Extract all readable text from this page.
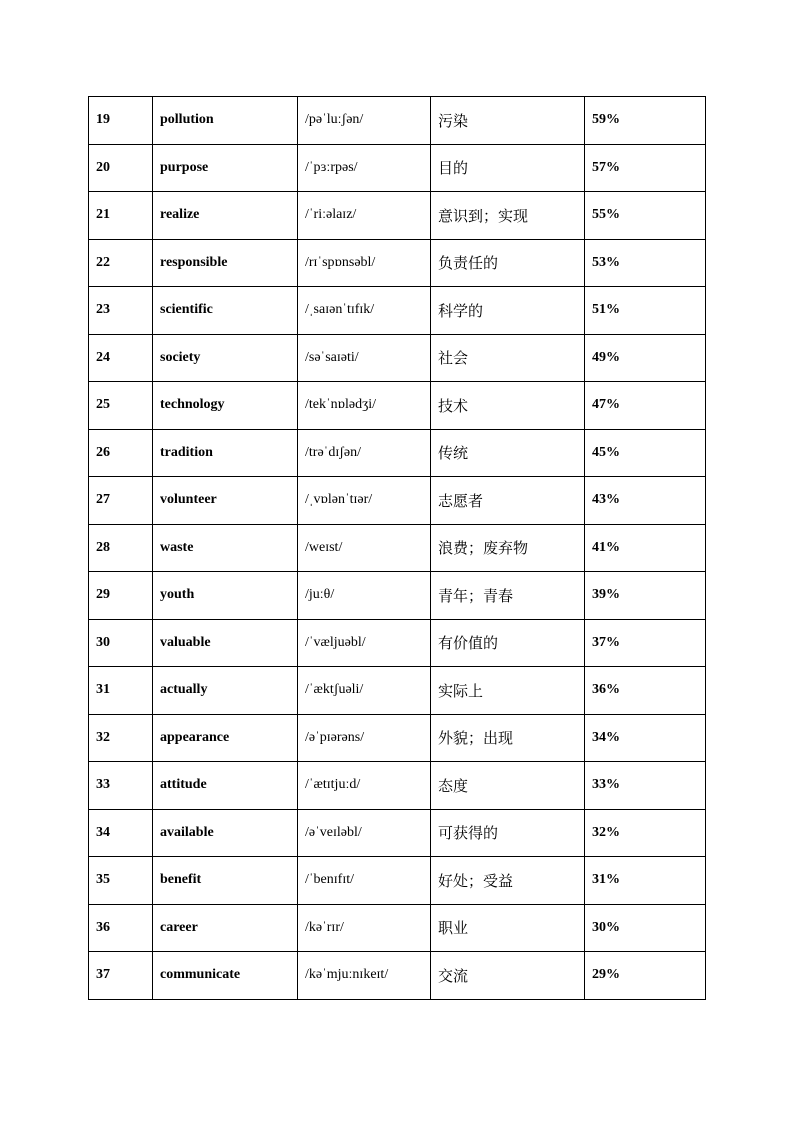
19	pollution	/pəˈluːʃən/	污染	59%
20	purpose	/ˈpɜːrpəs/	目的	57%
21	realize	/ˈriːəlaɪz/	意识到；实现	55%
22	responsible	/rɪˈspɒnsəbl/	负责任的	53%
23	scientific	/ˌsaɪənˈtɪfɪk/	科学的	51%
24	society	/səˈsaɪəti/	社会	49%
25	technology	/tekˈnɒlədʒi/	技术	47%
26	tradition	/trəˈdɪʃən/	传统	45%
27	volunteer	/ˌvɒlənˈtɪər/	志愿者	43%
28	waste	/weɪst/	浪费；废弃物	41%
29	youth	/juːθ/	青年；青春	39%
30	valuable	/ˈvæljuəbl/	有价值的	37%
31	actually	/ˈæktʃuəli/	实际上	36%
32	appearance	/əˈpɪərəns/	外貌；出现	34%
33	attitude	/ˈætɪtjuːd/	态度	33%
34	available	/əˈveɪləbl/	可获得的	32%
35	benefit	/ˈbenɪfɪt/	好处；受益	31%
36	career	/kəˈrɪr/	职业	30%
37	communicate	/kəˈmjuːnɪkeɪt/	交流	29%
